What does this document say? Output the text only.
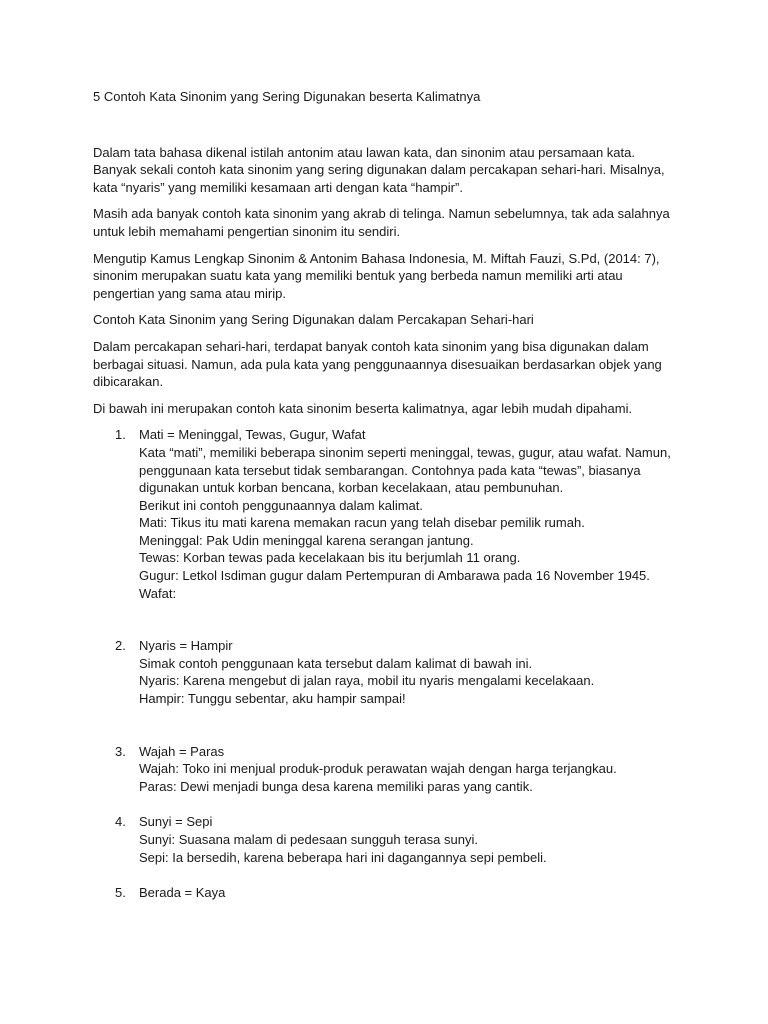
5 Contoh Kata Sinonim yang Sering Digunakan beserta Kalimatnya

Dalam tata bahasa dikenal istilah antonim atau lawan kata, dan sinonim atau persamaan kata. Banyak sekali contoh kata sinonim yang sering digunakan dalam percakapan sehari-hari. Misalnya, kata “nyaris” yang memiliki kesamaan arti dengan kata “hampir”.

Masih ada banyak contoh kata sinonim yang akrab di telinga. Namun sebelumnya, tak ada salahnya untuk lebih memahami pengertian sinonim itu sendiri.

Mengutip Kamus Lengkap Sinonim & Antonim Bahasa Indonesia, M. Miftah Fauzi, S.Pd, (2014: 7), sinonim merupakan suatu kata yang memiliki bentuk yang berbeda namun memiliki arti atau pengertian yang sama atau mirip.

Contoh Kata Sinonim yang Sering Digunakan dalam Percakapan Sehari-hari

Dalam percakapan sehari-hari, terdapat banyak contoh kata sinonim yang bisa digunakan dalam berbagai situasi. Namun, ada pula kata yang penggunaannya disesuaikan berdasarkan objek yang dibicarakan.

Di bawah ini merupakan contoh kata sinonim beserta kalimatnya, agar lebih mudah dipahami.

1. Mati = Meninggal, Tewas, Gugur, Wafat
Kata “mati”, memiliki beberapa sinonim seperti meninggal, tewas, gugur, atau wafat. Namun, penggunaan kata tersebut tidak sembarangan. Contohnya pada kata “tewas”, biasanya digunakan untuk korban bencana, korban kecelakaan, atau pembunuhan.
Berikut ini contoh penggunaannya dalam kalimat.
Mati: Tikus itu mati karena memakan racun yang telah disebar pemilik rumah.
Meninggal: Pak Udin meninggal karena serangan jantung.
Tewas: Korban tewas pada kecelakaan bis itu berjumlah 11 orang.
Gugur: Letkol Isdiman gugur dalam Pertempuran di Ambarawa pada 16 November 1945.
Wafat:
2. Nyaris = Hampir
Simak contoh penggunaan kata tersebut dalam kalimat di bawah ini.
Nyaris: Karena mengebut di jalan raya, mobil itu nyaris mengalami kecelakaan.
Hampir: Tunggu sebentar, aku hampir sampai!
3. Wajah = Paras
Wajah: Toko ini menjual produk-produk perawatan wajah dengan harga terjangkau.
Paras: Dewi menjadi bunga desa karena memiliki paras yang cantik.
4. Sunyi = Sepi
Sunyi: Suasana malam di pedesaan sungguh terasa sunyi.
Sepi: Ia bersedih, karena beberapa hari ini dagangannya sepi pembeli.
5. Berada = Kaya
